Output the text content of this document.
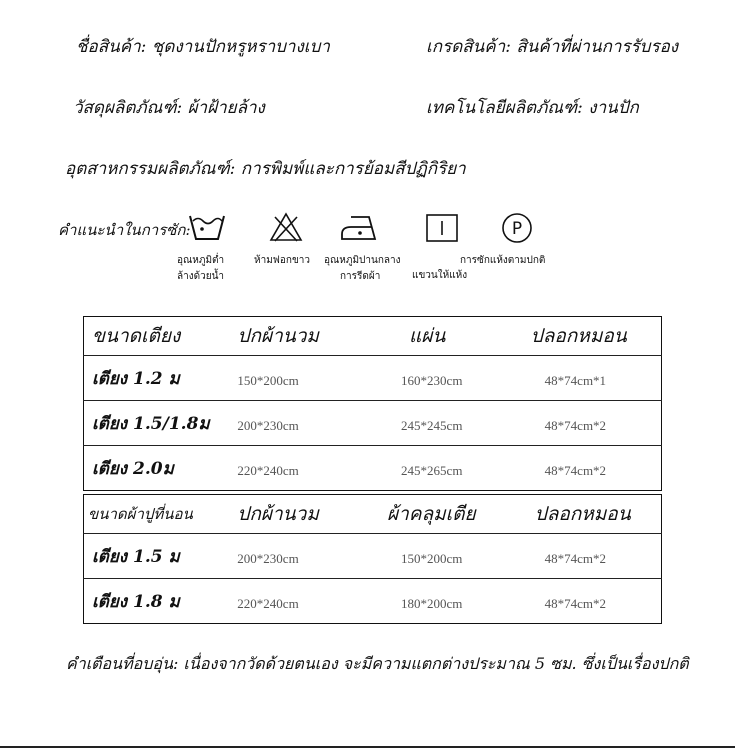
ชื่อสินค้า: ชุดงานปักหรูหราบางเบา	เกรดสินค้า: สินค้าที่ผ่านการรับรอง
วัสดุผลิตภัณฑ์: ผ้าฝ้ายล้าง	เทคโนโลยีผลิตภัณฑ์: งานปัก
อุตสาหกรรมผลิตภัณฑ์: การพิมพ์และการย้อมสีปฏิกิริยา
คำแนะนำในการซัก:	P
อุณหภูมิต่ำ
ล้างด้วยน้ำ
ห้ามฟอกขาว อุณหภูมิปานกลาง
การรีดผ้า	แขวนให้แห้ง
การซักแห้งตามปกติ
ขนาดเตียง	ปกผ้านวม	แผ่น	ปลอกหมอน
เตียง 1.2 ม	150*200cm	160*230cm	48*74cm*1
เตียง 1.5/1.8ม	200*230cm	245*245cm	48*74cm*2
เตียง 2.0ม	220*240cm	245*265cm	48*74cm*2
ขนาดผ้าปูที่นอน	ปกผ้านวม	ผ้าคลุมเตีย	ปลอกหมอน
เตียง 1.5 ม	200*230cm	150*200cm	48*74cm*2
เตียง 1.8 ม	220*240cm	180*200cm	48*74cm*2
คำเตือนที่อบอุ่น: เนื่องจากวัดด้วยตนเอง จะมีความแตกต่างประมาณ 5 ซม. ซึ่งเป็นเรื่องปกติ
